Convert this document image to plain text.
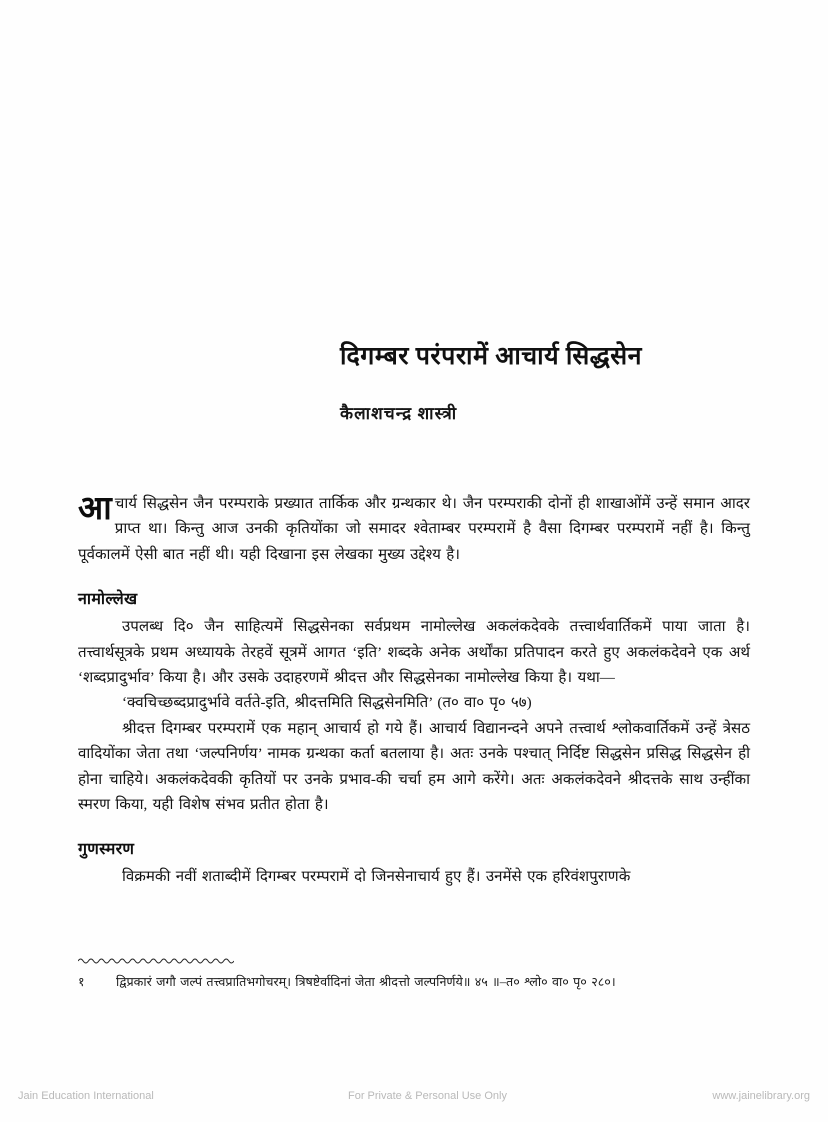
दिगम्बर परंपरामें आचार्य सिद्धसेन
कैलाशचन्द्र शास्त्री

आचार्य सिद्धसेन जैन परम्पराके प्रख्यात तार्किक और ग्रन्थकार थे। जैन परम्पराकी दोनों ही शाखाओंमें उन्हें समान आदर प्राप्त था। किन्तु आज उनकी कृतियोंका जो समादर श्वेताम्बर परम्परामें है वैसा दिगम्बर परम्परामें नहीं है। किन्तु पूर्वकालमें ऐसी बात नहीं थी। यही दिखाना इस लेखका मुख्य उद्देश्य है।

नामोल्लेख

उपलब्ध दि० जैन साहित्यमें सिद्धसेनका सर्वप्रथम नामोल्लेख अकलंकदेवके तत्त्वार्थवार्तिकमें पाया जाता है। तत्त्वार्थसूत्रके प्रथम अध्यायके तेरहवें सूत्रमें आगत ‘इति’ शब्दके अनेक अर्थोंका प्रतिपादन करते हुए अकलंकदेवने एक अर्थ ‘शब्दप्रादुर्भाव’ किया है। और उसके उदाहरणमें श्रीदत्त और सिद्धसेनका नामोल्लेख किया है। यथा—

‘क्वचिच्छब्दप्रादुर्भावे वर्तते-इति, श्रीदत्तमिति सिद्धसेनमिति’ (त० वा० पृ० ५७)

श्रीदत्त दिगम्बर परम्परामें एक महान् आचार्य हो गये हैं। आचार्य विद्यानन्दने अपने तत्त्वार्थ श्लोकवार्तिकमें उन्हें त्रेसठ वादियोंका जेता तथा ‘जल्पनिर्णय’ नामक ग्रन्थका कर्ता बतलाया है। अतः उनके पश्चात् निर्दिष्ट सिद्धसेन प्रसिद्ध सिद्धसेन ही होना चाहिये। अकलंकदेवकी कृतियों पर उनके प्रभाव-की चर्चा हम आगे करेंगे। अतः अकलंकदेवने श्रीदत्तके साथ उन्हींका स्मरण किया, यही विशेष संभव प्रतीत होता है।

गुणस्मरण

विक्रमकी नवीं शताब्दीमें दिगम्बर परम्परामें दो जिनसेनाचार्य हुए हैं। उनमेंसे एक हरिवंशपुराणके

१ द्विप्रकारं जगौ जल्पं तत्त्वप्रातिभगोचरम्। त्रिषष्टेर्वादिनां जेता श्रीदत्तो जल्पनिर्णये॥ ४५ ॥–त० श्लो० वा० पृ० २८०।
Jain Education International	For Private & Personal Use Only	www.jainelibrary.org
